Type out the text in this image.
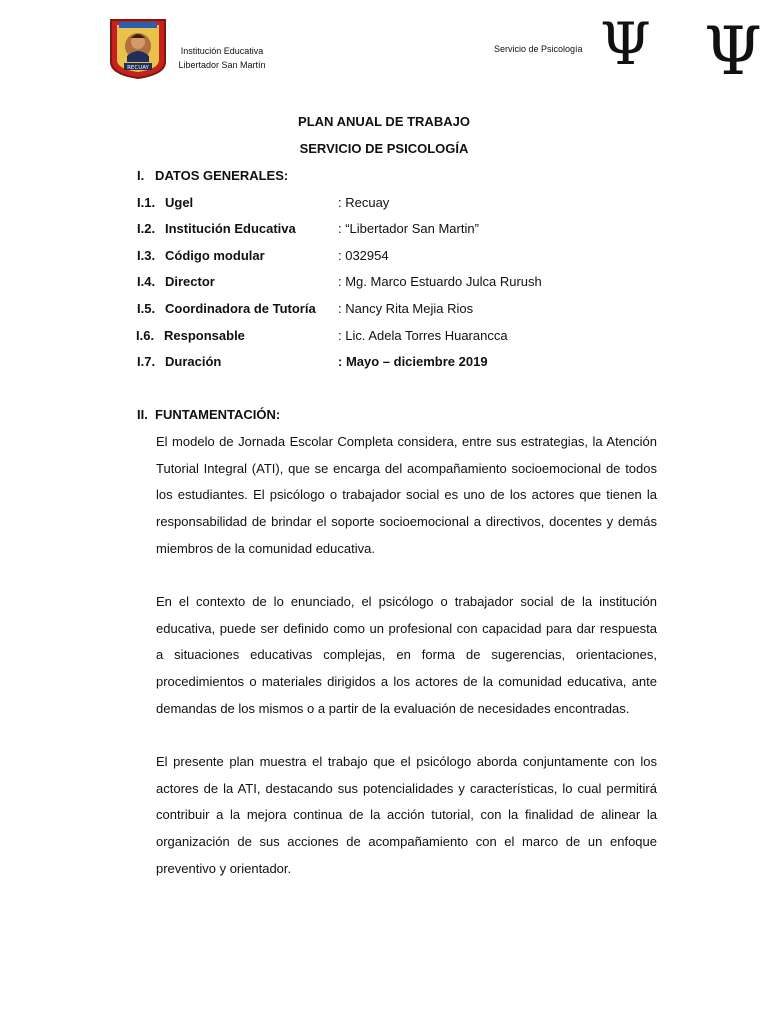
RECUAY
Institución Educativa
Libertador San Martín
Servicio de Psicología Ψ Ψ
PLAN ANUAL DE TRABAJO
SERVICIO DE PSICOLOGÍA
I.   DATOS GENERALES:
I.1. Ugel	: Recuay
I.2. Institución Educativa	: “Libertador San Martin”
I.3. Código modular	: 032954
I.4. Director	: Mg. Marco Estuardo Julca Rurush
I.5. Coordinadora de Tutoría : Nancy Rita Mejia Rios
I.6. Responsable	: Lic. Adela Torres Huarancca
I.7. Duración	: Mayo – diciembre 2019
II.  FUNTAMENTACIÓN:
El modelo de Jornada Escolar Completa considera, entre sus estrategias, la Atención Tutorial Integral (ATI), que se encarga del acompañamiento socioemocional de todos los estudiantes. El psicólogo o trabajador social es uno de los actores que tienen la responsabilidad de brindar el soporte socioemocional a directivos, docentes y demás miembros de la comunidad educativa.
En el contexto de lo enunciado, el psicólogo o trabajador social de la institución educativa, puede ser definido como un profesional con capacidad para dar respuesta a situaciones educativas complejas, en forma de sugerencias, orientaciones, procedimientos o materiales dirigidos a los actores de la comunidad educativa, ante demandas de los mismos o a partir de la evaluación de necesidades encontradas.
El presente plan muestra el trabajo que el psicólogo aborda conjuntamente con los actores de la ATI, destacando sus potencialidades y características, lo cual permitirá contribuir a la mejora continua de la acción tutorial, con la finalidad de alinear la organización de sus acciones de acompañamiento con el marco de un enfoque preventivo y orientador.
